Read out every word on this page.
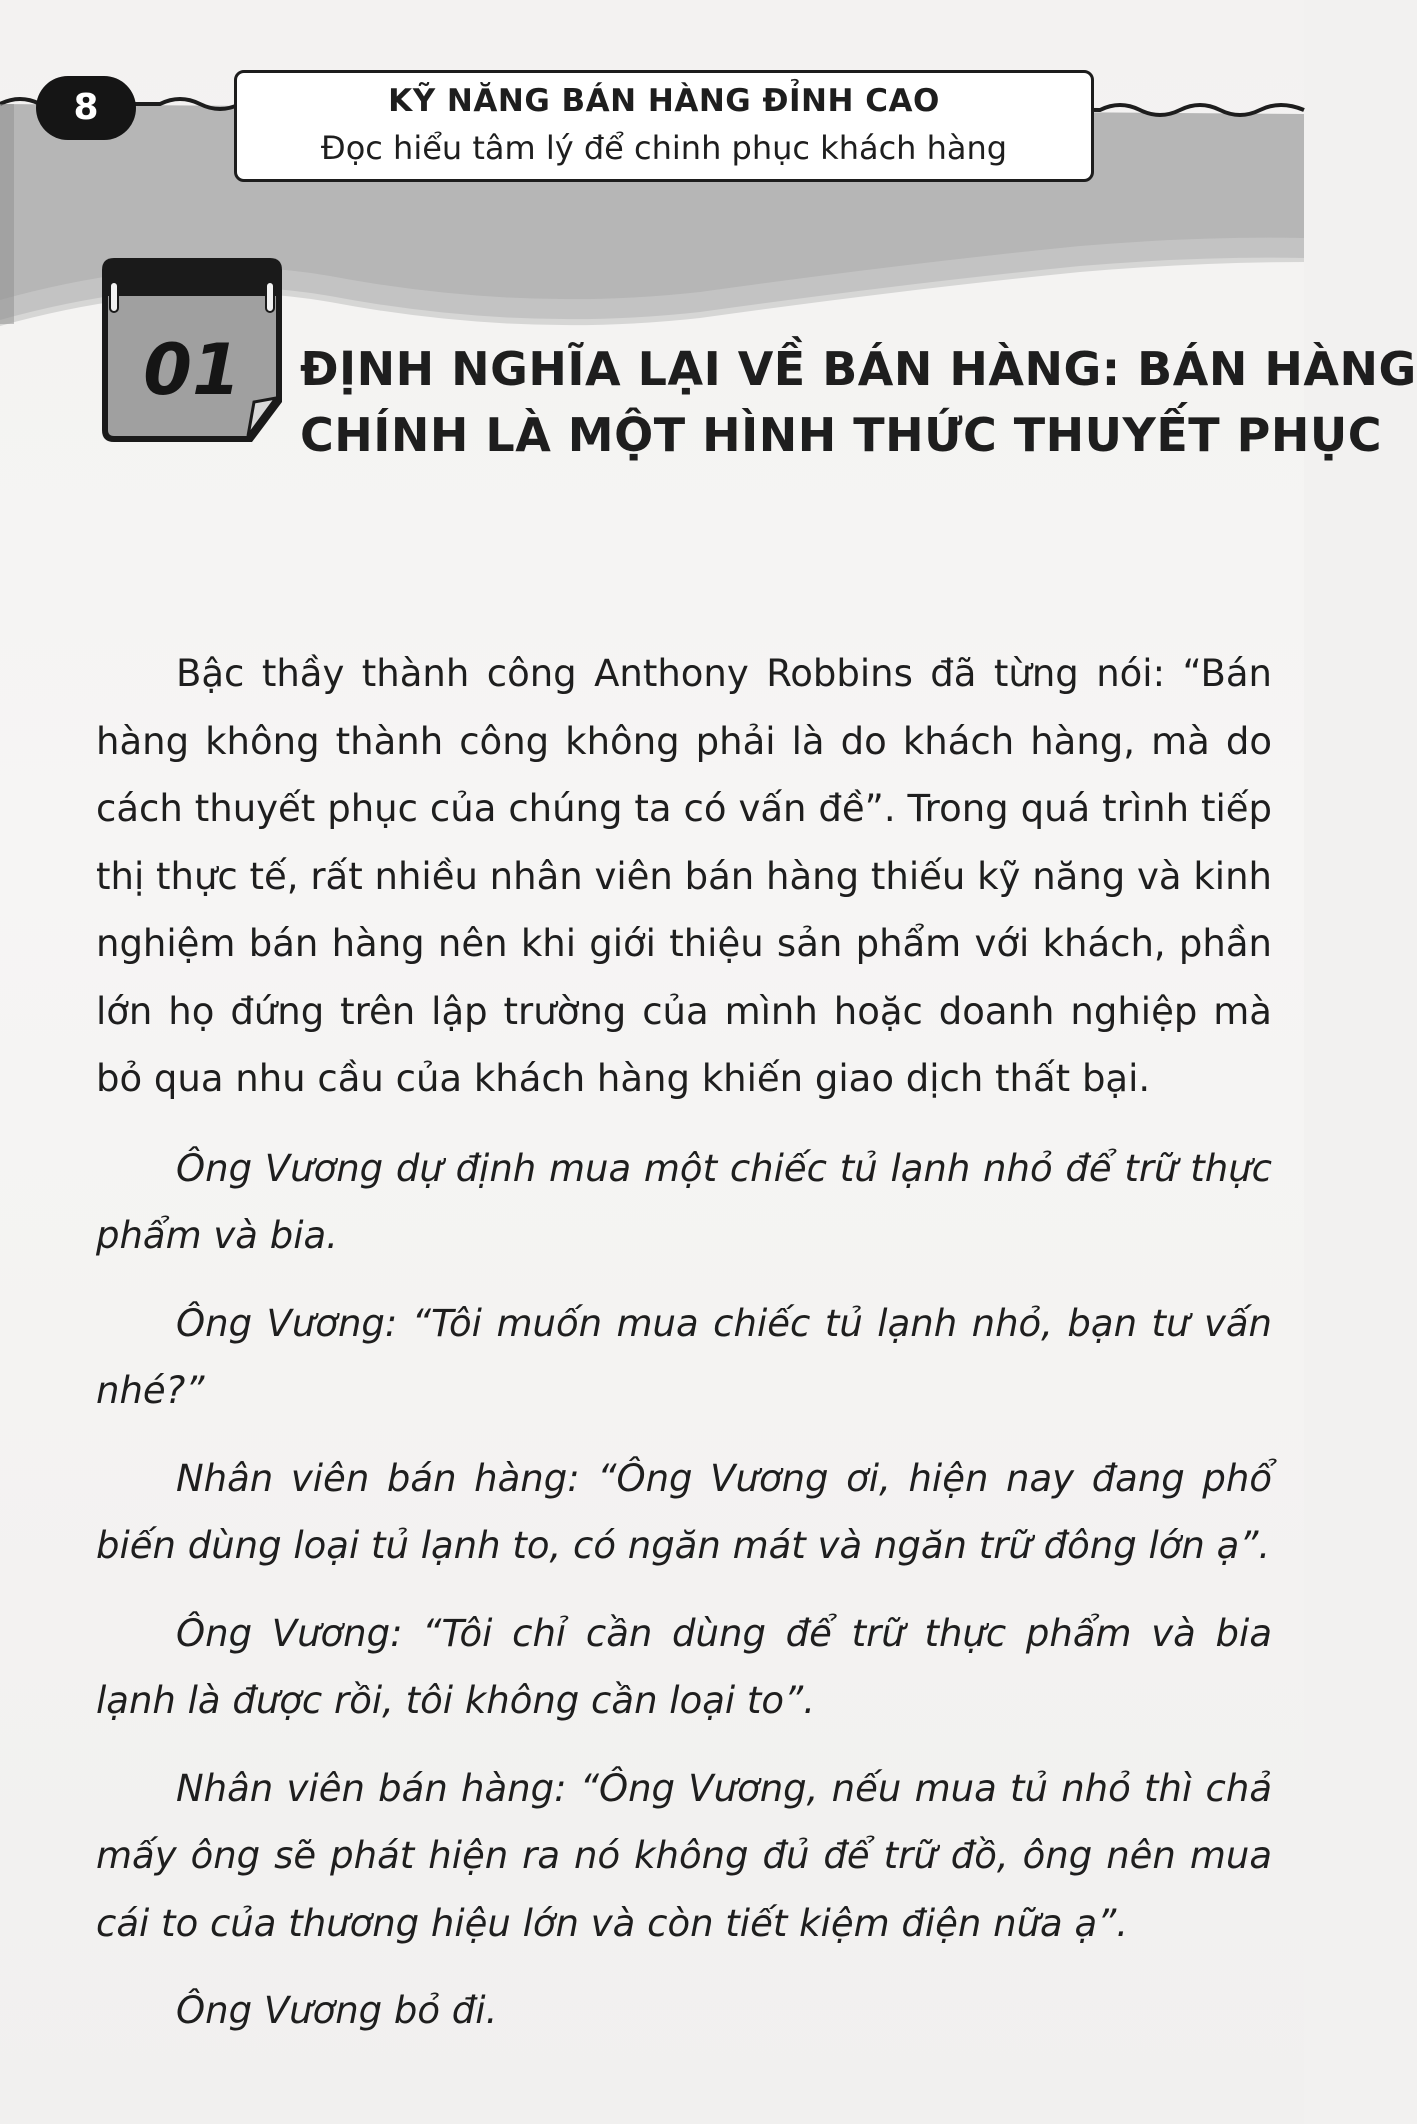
8	KỸ NĂNG BÁN HÀNG ĐỈNH CAO
Đọc hiểu tâm lý để chinh phục khách hàng
01 ĐỊNH NGHĨA LẠI VỀ BÁN HÀNG: BÁN HÀNG
CHÍNH LÀ MỘT HÌNH THỨC THUYẾT PHỤC

Bậc thầy thành công Anthony Robbins đã từng nói: “Bán hàng không thành công không phải là do khách hàng, mà do cách thuyết phục của chúng ta có vấn đề”. Trong quá trình tiếp thị thực tế, rất nhiều nhân viên bán hàng thiếu kỹ năng và kinh nghiệm bán hàng nên khi giới thiệu sản phẩm với khách, phần lớn họ đứng trên lập trường của mình hoặc doanh nghiệp mà bỏ qua nhu cầu của khách hàng khiến giao dịch thất bại.

Ông Vương dự định mua một chiếc tủ lạnh nhỏ để trữ thực phẩm và bia.

Ông Vương: “Tôi muốn mua chiếc tủ lạnh nhỏ, bạn tư vấn nhé?”

Nhân viên bán hàng: “Ông Vương ơi, hiện nay đang phổ biến dùng loại tủ lạnh to, có ngăn mát và ngăn trữ đông lớn ạ”.

Ông Vương: “Tôi chỉ cần dùng để trữ thực phẩm và bia lạnh là được rồi, tôi không cần loại to”.

Nhân viên bán hàng: “Ông Vương, nếu mua tủ nhỏ thì chả mấy ông sẽ phát hiện ra nó không đủ để trữ đồ, ông nên mua cái to của thương hiệu lớn và còn tiết kiệm điện nữa ạ”.

Ông Vương bỏ đi.
